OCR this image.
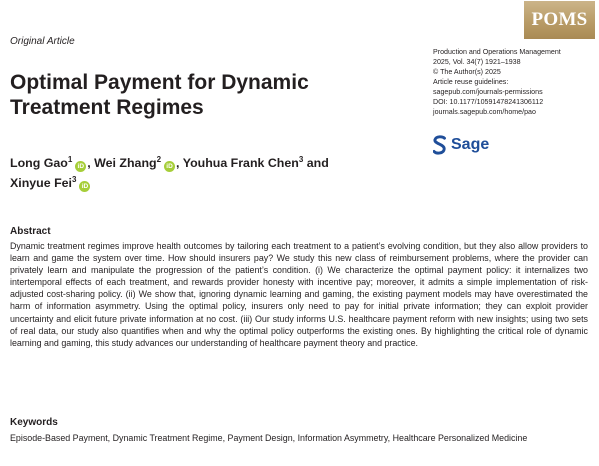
Original Article
POMS
Optimal Payment for Dynamic Treatment Regimes
Production and Operations Management
2025, Vol. 34(7) 1921–1938
© The Author(s) 2025
Article reuse guidelines:
sagepub.com/journals-permissions
DOI: 10.1177/10591478241306112
journals.sagepub.com/home/pao
Sage
Long Gao$^1$iD , Wei Zhang$^2$iD , Youhua Frank Chen$^3$ and
Xinyue Fei$^3$iD
Abstract

Dynamic treatment regimes improve health outcomes by tailoring each treatment to a patient’s evolving condition, but they also allow providers to learn and game the system over time. How should insurers pay? We study this new class of reimbursement problems, where the provider can privately learn and manipulate the progression of the patient’s condition. (i) We characterize the optimal payment policy: it internalizes two intertemporal effects of each treatment, and rewards provider honesty with incentive pay; moreover, it admits a simple implementation of risk-adjusted cost-sharing policy. (ii) We show that, ignoring dynamic learning and gaming, the existing payment models may have overestimated the harm of information asymmetry. Using the optimal policy, insurers only need to pay for initial private information; they can exploit provider uncertainty and elicit future private information at no cost. (iii) Our study informs U.S. healthcare payment reform with new insights; using two sets of real data, our study also quantifies when and why the optimal policy outperforms the existing ones. By highlighting the critical role of dynamic learning and gaming, this study advances our understanding of healthcare payment theory and practice.

Keywords

Episode-Based Payment, Dynamic Treatment Regime, Payment Design, Information Asymmetry, Healthcare Personalized Medicine
